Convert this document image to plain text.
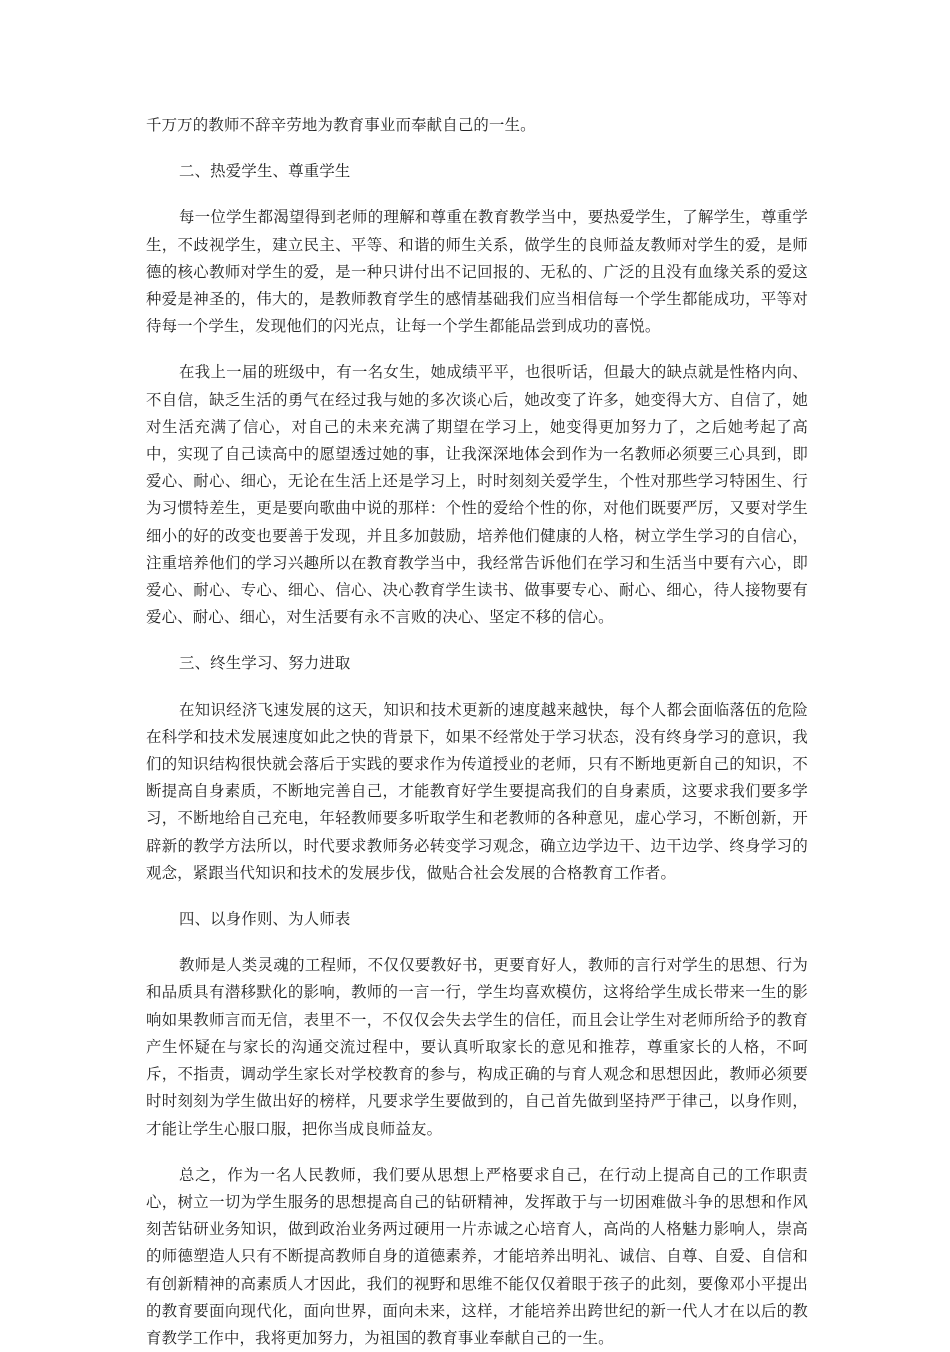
千万万的教师不辞辛劳地为教育事业而奉献自己的一生。

二、热爱学生、尊重学生

每一位学生都渴望得到老师的理解和尊重在教育教学当中，要热爱学生，了解学生，尊重学生，不歧视学生，建立民主、平等、和谐的师生关系，做学生的良师益友教师对学生的爱，是师德的核心教师对学生的爱，是一种只讲付出不记回报的、无私的、广泛的且没有血缘关系的爱这种爱是神圣的，伟大的，是教师教育学生的感情基础我们应当相信每一个学生都能成功，平等对待每一个学生，发现他们的闪光点，让每一个学生都能品尝到成功的喜悦。

在我上一届的班级中，有一名女生，她成绩平平，也很听话，但最大的缺点就是性格内向、不自信，缺乏生活的勇气在经过我与她的多次谈心后，她改变了许多，她变得大方、自信了，她对生活充满了信心，对自己的未来充满了期望在学习上，她变得更加努力了，之后她考起了高中，实现了自己读高中的愿望透过她的事，让我深深地体会到作为一名教师必须要三心具到，即爱心、耐心、细心，无论在生活上还是学习上，时时刻刻关爱学生，个性对那些学习特困生、行为习惯特差生，更是要向歌曲中说的那样：个性的爱给个性的你，对他们既要严厉，又要对学生细小的好的改变也要善于发现，并且多加鼓励，培养他们健康的人格，树立学生学习的自信心，注重培养他们的学习兴趣所以在教育教学当中，我经常告诉他们在学习和生活当中要有六心，即爱心、耐心、专心、细心、信心、决心教育学生读书、做事要专心、耐心、细心，待人接物要有爱心、耐心、细心，对生活要有永不言败的决心、坚定不移的信心。

三、终生学习、努力进取

在知识经济飞速发展的这天，知识和技术更新的速度越来越快，每个人都会面临落伍的危险在科学和技术发展速度如此之快的背景下，如果不经常处于学习状态，没有终身学习的意识，我们的知识结构很快就会落后于实践的要求作为传道授业的老师，只有不断地更新自己的知识，不断提高自身素质，不断地完善自己，才能教育好学生要提高我们的自身素质，这要求我们要多学习，不断地给自己充电，年轻教师要多听取学生和老教师的各种意见，虚心学习，不断创新，开辟新的教学方法所以，时代要求教师务必转变学习观念，确立边学边干、边干边学、终身学习的观念，紧跟当代知识和技术的发展步伐，做贴合社会发展的合格教育工作者。

四、以身作则、为人师表

教师是人类灵魂的工程师，不仅仅要教好书，更要育好人，教师的言行对学生的思想、行为和品质具有潜移默化的影响，教师的一言一行，学生均喜欢模仿，这将给学生成长带来一生的影响如果教师言而无信，表里不一，不仅仅会失去学生的信任，而且会让学生对老师所给予的教育产生怀疑在与家长的沟通交流过程中，要认真听取家长的意见和推荐，尊重家长的人格，不呵斥，不指责，调动学生家长对学校教育的参与，构成正确的与育人观念和思想因此，教师必须要时时刻刻为学生做出好的榜样，凡要求学生要做到的，自己首先做到坚持严于律己，以身作则，才能让学生心服口服，把你当成良师益友。

总之，作为一名人民教师，我们要从思想上严格要求自己，在行动上提高自己的工作职责心，树立一切为学生服务的思想提高自己的钻研精神，发挥敢于与一切困难做斗争的思想和作风刻苦钻研业务知识，做到政治业务两过硬用一片赤诚之心培育人，高尚的人格魅力影响人，崇高的师德塑造人只有不断提高教师自身的道德素养，才能培养出明礼、诚信、自尊、自爱、自信和有创新精神的高素质人才因此，我们的视野和思维不能仅仅着眼于孩子的此刻，要像邓小平提出的教育要面向现代化，面向世界，面向未来，这样，才能培养出跨世纪的新一代人才在以后的教育教学工作中，我将更加努力，为祖国的教育事业奉献自己的一生。
